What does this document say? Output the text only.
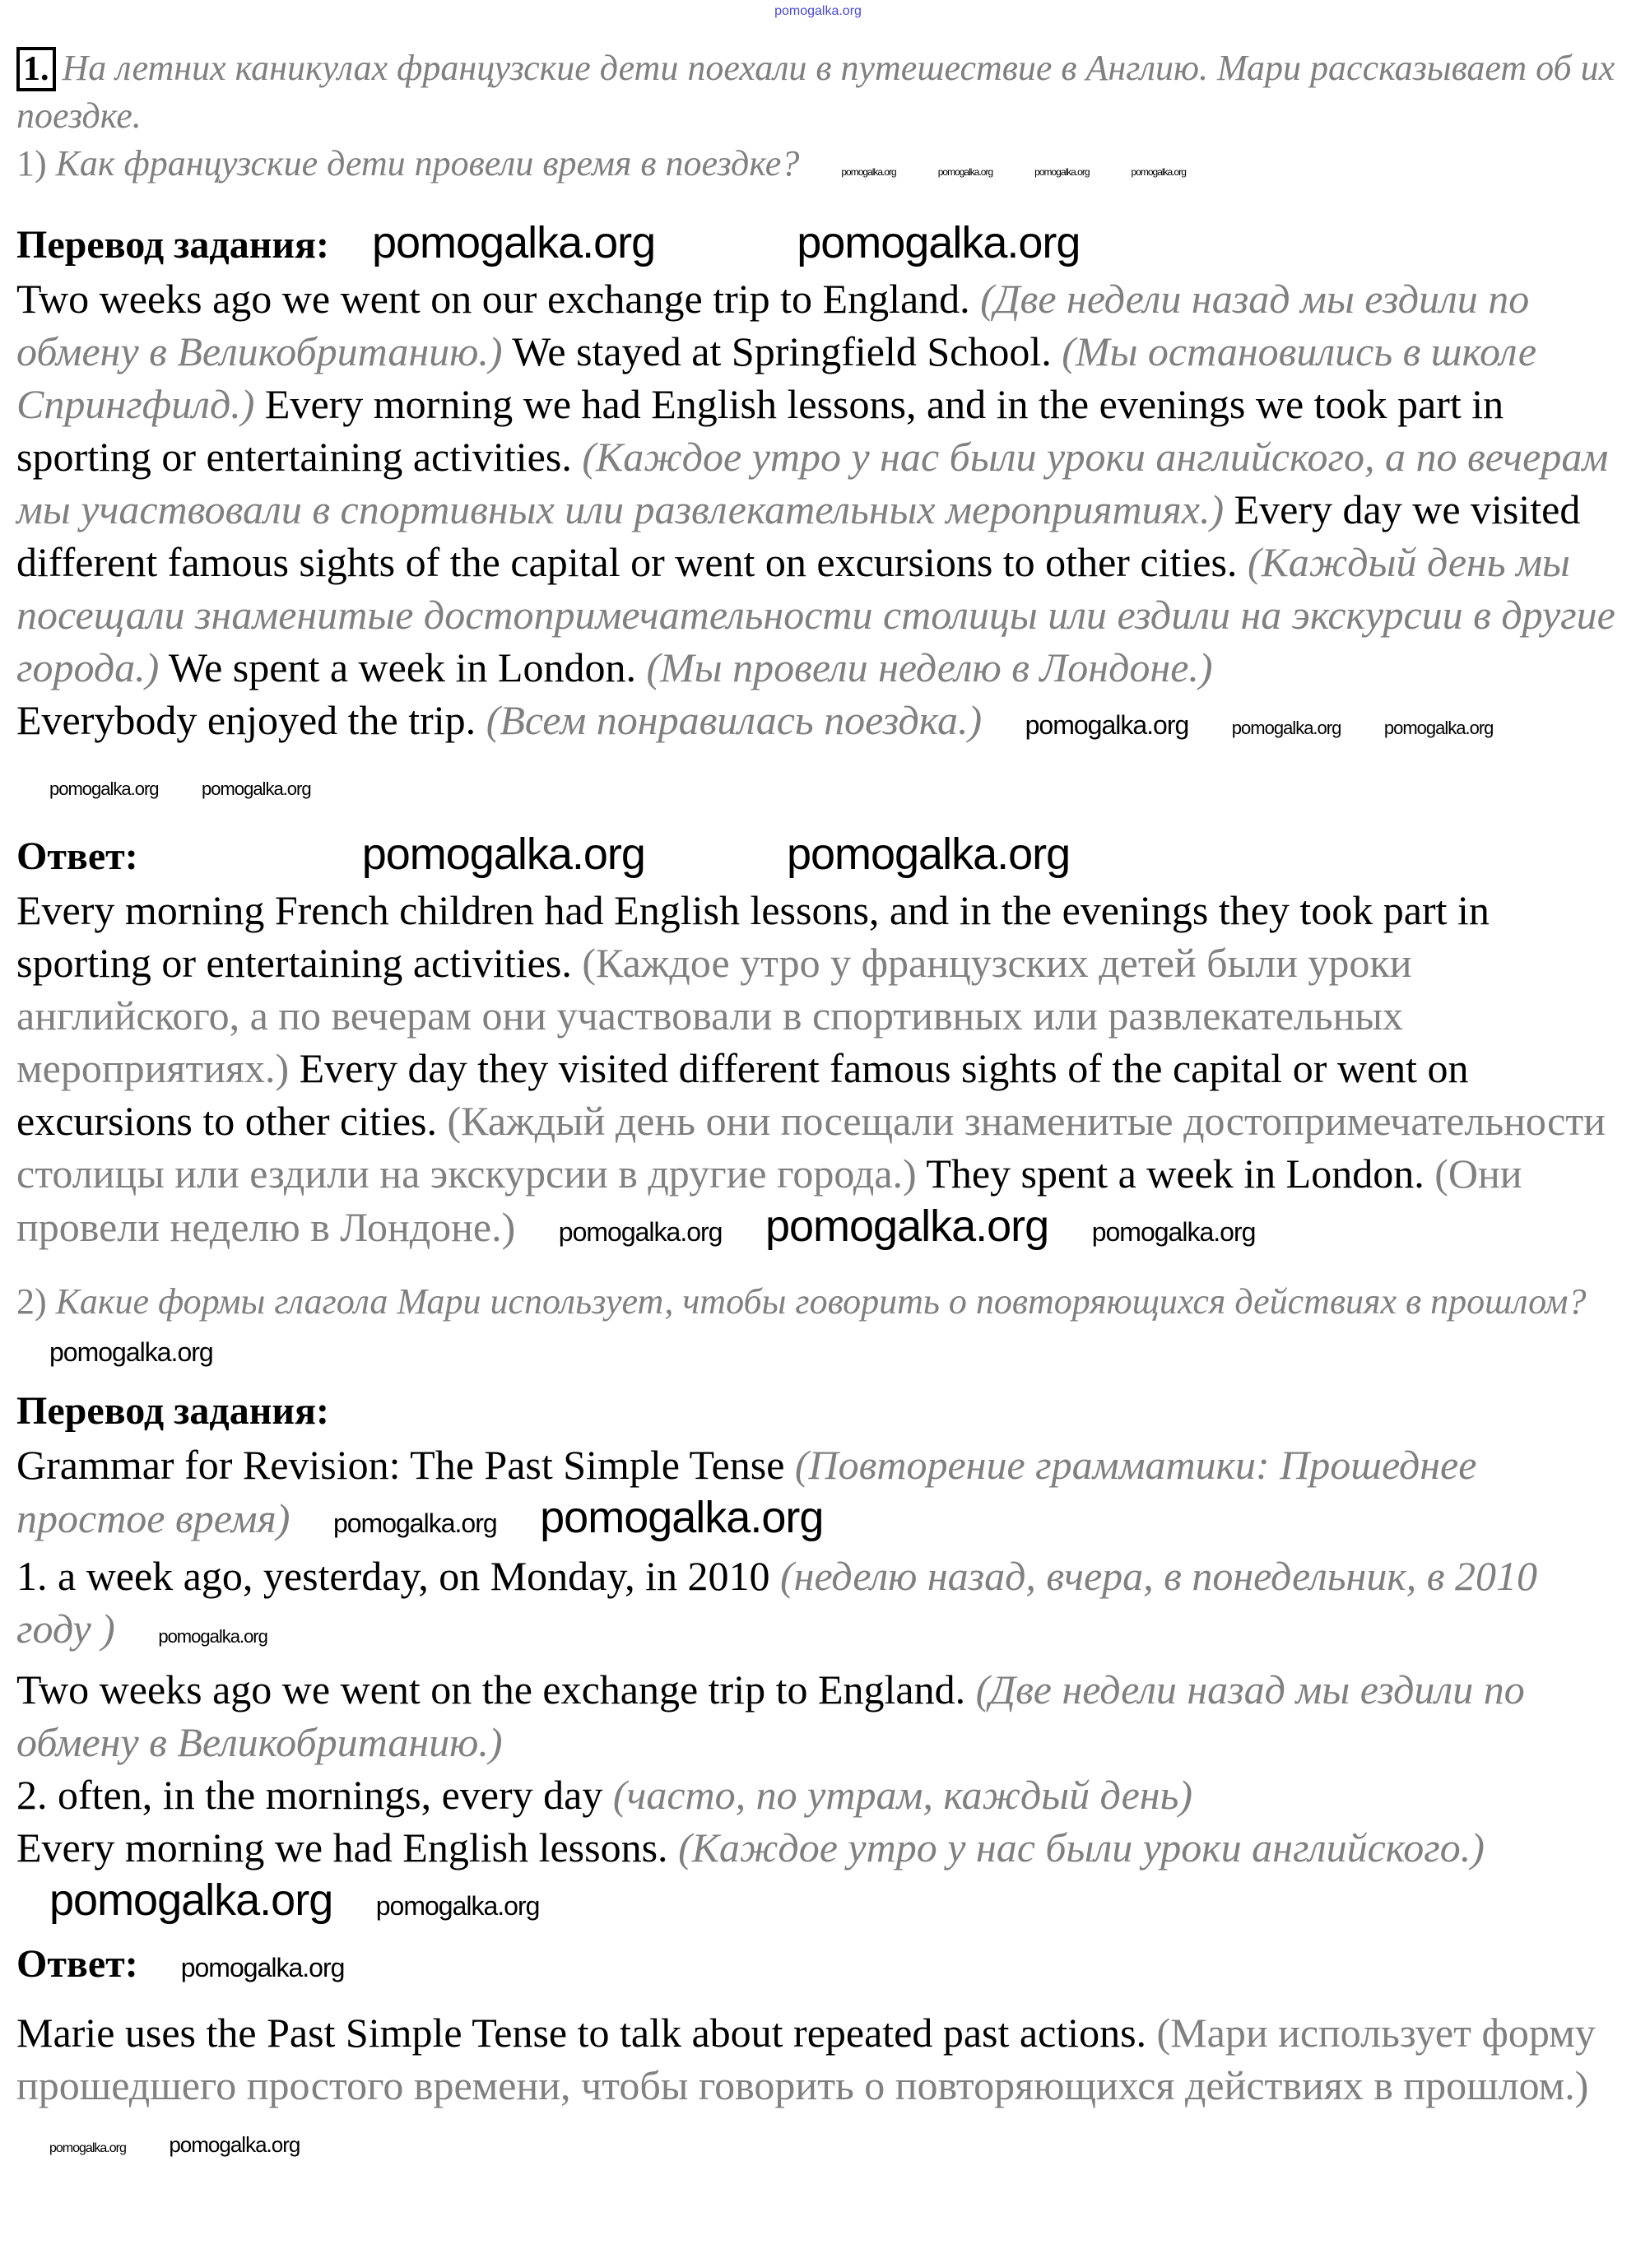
pomogalka.org
1. На летних каникулах французские дети поехали в путешествие в Англию. Мари рассказывает об их поездке.
1) Как французские дети провели время в поездке?	pomogalka.org	pomogalka.org	pomogalka.org	pomogalka.org
Перевод задания: pomogalka.org	pomogalka.org
Two weeks ago we went on our exchange trip to England. (Две недели назад мы ездили по обмену в Великобританию.) We stayed at Springfield School. (Мы остановились в школе Спрингфилд.) Every morning we had English lessons, and in the evenings we took part in sporting or entertaining activities. (Каждое утро у нас были уроки английского, а по вечерам мы участвовали в спортивных или развлекательных мероприятиях.) Every day we visited different famous sights of the capital or went on excursions to other cities. (Каждый день мы посещали знаменитые достопримечательности столицы или ездили на экскурсии в другие города.) We spent a week in London. (Мы провели неделю в Лондоне.)
Everybody enjoyed the trip. (Всем понравилась поездка.) pomogalka.org pomogalka.org pomogalka.org pomogalka.org pomogalka.org
Ответ:	pomogalka.org	pomogalka.org
Every morning French children had English lessons, and in the evenings they took part in sporting or entertaining activities. (Каждое утро у французских детей были уроки английского, а по вечерам они участвовали в спортивных или развлекательных мероприятиях.) Every day they visited different famous sights of the capital or went on excursions to other cities. (Каждый день они посещали знаменитые достопримечательности столицы или ездили на экскурсии в другие города.) They spent a week in London. (Они провели неделю в Лондоне.) pomogalka.org pomogalka.org pomogalka.org
2) Какие формы глагола Мари использует, чтобы говорить о повторяющихся действиях в прошлом? pomogalka.org
Перевод задания:
Grammar for Revision: The Past Simple Tense (Повторение грамматики: Прошеднее простое время) pomogalka.org pomogalka.org
1. a week ago, yesterday, on Monday, in 2010 (неделю назад, вчера, в понедельник, в 2010 году ) pomogalka.org
Two weeks ago we went on the exchange trip to England. (Две недели назад мы ездили по обмену в Великобританию.)
2. often, in the mornings, every day (часто, по утрам, каждый день)
Every morning we had English lessons. (Каждое утро у нас были уроки английского.) pomogalka.org pomogalka.org
Ответ: pomogalka.org
Marie uses the Past Simple Tense to talk about repeated past actions. (Мари использует форму прошедшего простого времени, чтобы говорить о повторяющихся действиях в прошлом.) pomogalka.org pomogalka.org
